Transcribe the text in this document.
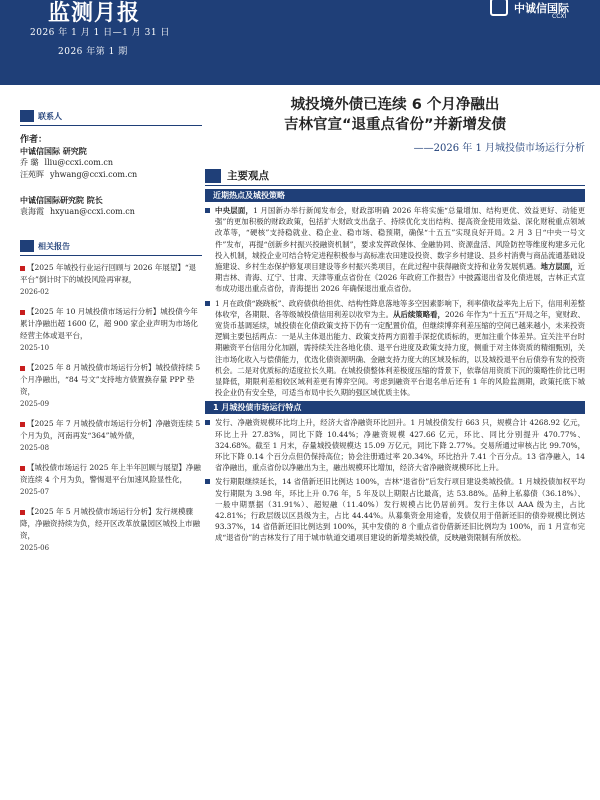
监测月报
2026 年 1 月 1 日—1 月 31 日
2026 年第 1 期
中诚信国际
CCXI
联系人
作者：
中诚信国际 研究院
乔 璐 lliu@ccxi.com.cn
汪苑晖 yhwang@ccxi.com.cn
中诚信国际研究院 院长
袁海霞 hxyuan@ccxi.com.cn
相关报告
【2025 年城投行业运行回顾与 2026 年展望】“退平台”倒计时下的城投风险再审视，
2026-02
【2025 年 10 月城投债市场运行分析】城投债今年累计净融出超 1600 亿，超 900 家企业声明为市场化经营主体或退平台，
2025-10
【2025 年 8 月城投债市场运行分析】城投债持续 5 个月净融出，“84 号文”支持地方债置换存量 PPP 垫资，
2025-09
【2025 年 7 月城投债市场运行分析】净融资连续 5 个月为负，河南再发“364”城外债，
2025-08
【城投债市场运行 2025 年上半年回顾与展望】净融资连续 4 个月为负，警惕退平台加速风险显性化，
2025-07
【2025 年 5 月城投债市场运行分析】发行规模骤降，净融资持续为负，经开区改革放量园区城投上市融资，
2025-06
城投境外债已连续 6 个月净融出
吉林官宣“退重点省份”并新增发债
——2026 年 1 月城投债市场运行分析
主要观点
近期热点及城投策略
中央层面，1 月国新办举行新闻发布会，财政部明确 2026 年将实施“总量增加、结构更优、效益更好、动能更强”的更加积极的财政政策，包括扩大财政支出盘子、持续优化支出结构、提高资金使用效益、深化财税重点领域改革等，“硬核”支持稳就业、稳企业、稳市场、稳预期，确保“十五五”实现良好开局。2 月 3 日“中央一号文件”发布，再提“创新乡村振兴投融资机制”，要求发挥政保体、金融协同、资源盘活、风险防控等维度构建多元化投入机制，城投企业可结合特定进程积极参与高标准农田建设投资、数字乡村建设、县乡村消费与商品流通基础设施建设、乡村生态保护修复项目建设等乡村振兴类项目，在此过程中获得融资支持和业务发展机遇。地方层面，近期吉林、青海、辽宁、甘肃、天津等重点省份在《2026 年政府工作报告》中披露退出省及化债进展，吉林正式宣布成功退出重点省份，青海提出 2026 年确保退出重点省份。
1 月在政债“跷跷板”、政府债供给担优、结构性降息落地等多空因素影响下，利率债收益率先上后下，信用利差整体收窄，各期限、各等级城投债信用利差以收窄为主。从后续策略看，2026 年作为“十五五”开局之年，宽财政、宽货币基调延续，城投债在化债政策支持下仍有一定配置价值，但继续博弈利差压缩的空间已越来越小，未来投资逻辑主要包括两点：一是从主体退出能力、政策支持两方面着手深挖优质标的，更加注重个体差异。宜关注平台时期融资平台信用分化加剧，需持续关注各地化债、退平台进度及政策支持力度，侧重于对主体资质的精细甄别，关注市场化收入与偿债能力，优选化债资源明确、金融支持力度大的区域及标的，以及城投退平台后债券有发的投资机会。二是对优质标的适度拉长久期。在城投债整体利差极度压缩的背景下，依靠信用资质下沉的策略性价比已明显降低，期限利差相较区域利差更有博弈空间。考虑到融资平台退名单后还有 1 年的风险监测期，政策托底下城投企业仍有安全垫，可适当布局中长久期的强区域优质主体。
1 月城投债市场运行特点
发行、净融资规模环比均上升，经济大省净融资环比回升。1 月城投债发行 663 只，规模合计 4268.92 亿元，环比上升 27.83%，同比下降 10.44%；净融资规模 427.66 亿元，环比、同比分别提升 470.77%、324.68%。截至 1 月末，存量城投债规模达 15.09 万亿元，同比下降 2.77%。交易所通过审核占比 99.70%，环比下降 0.14 个百分点但仍保持高位；协会注册通过率 20.34%，环比抬升 7.41 个百分点。13 省净融入，14 省净融出，重点省份以净融出为主，融出规模环比增加，经济大省净融资规模环比上升。
发行期限继续延长，14 省借新还旧比例达 100%，吉林“退省份”后发行项目建设类城投债。1 月城投债加权平均发行期限为 3.98 年，环比上升 0.76 年，5 年及以上期限占比最高，达 53.88%。品种上私募债（36.18%）、一般中期票据（31.91%）、超短融（11.40%）发行规模占比仍居前列。发行主体以 AAA 级为主，占比 42.81%；行政层级以区县级为主，占比 44.44%。从募集资金用途看，发债仅用于借新还旧的债券规模比例达 93.37%，14 省借新还旧比例达到 100%，其中发债的 8 个重点省份借新还旧比例均为 100%，而 1 月宣布完成“退省份”的吉林发行了用于城市轨道交通项目建设的新增类城投债，反映融资限制有所放松。
